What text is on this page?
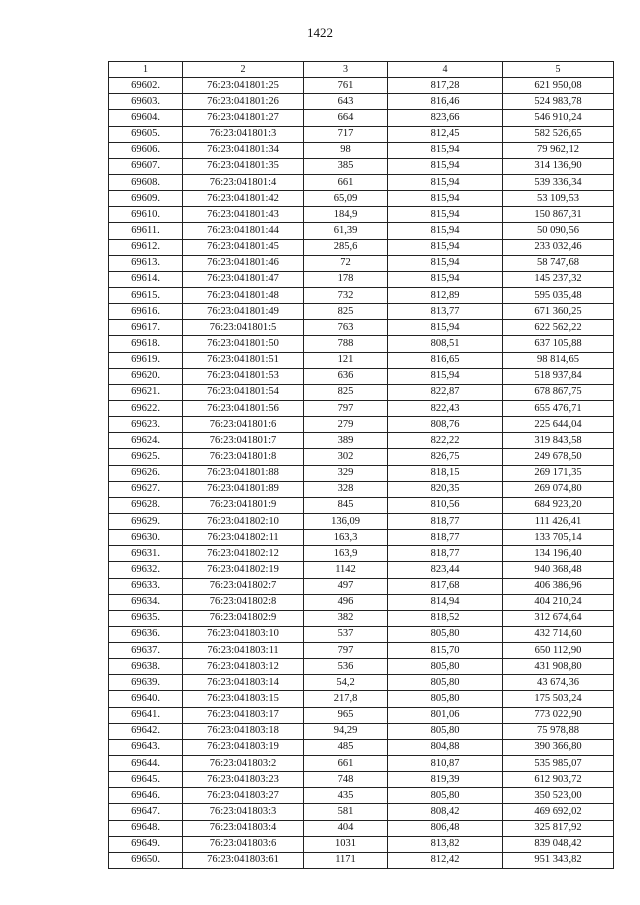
1422
1	2	3	4	5
69602.	76:23:041801:25	761	817,28	621 950,08
69603.	76:23:041801:26	643	816,46	524 983,78
69604.	76:23:041801:27	664	823,66	546 910,24
69605.	76:23:041801:3	717	812,45	582 526,65
69606.	76:23:041801:34	98	815,94	79 962,12
69607.	76:23:041801:35	385	815,94	314 136,90
69608.	76:23:041801:4	661	815,94	539 336,34
69609.	76:23:041801:42	65,09	815,94	53 109,53
69610.	76:23:041801:43	184,9	815,94	150 867,31
69611.	76:23:041801:44	61,39	815,94	50 090,56
69612.	76:23:041801:45	285,6	815,94	233 032,46
69613.	76:23:041801:46	72	815,94	58 747,68
69614.	76:23:041801:47	178	815,94	145 237,32
69615.	76:23:041801:48	732	812,89	595 035,48
69616.	76:23:041801:49	825	813,77	671 360,25
69617.	76:23:041801:5	763	815,94	622 562,22
69618.	76:23:041801:50	788	808,51	637 105,88
69619.	76:23:041801:51	121	816,65	98 814,65
69620.	76:23:041801:53	636	815,94	518 937,84
69621.	76:23:041801:54	825	822,87	678 867,75
69622.	76:23:041801:56	797	822,43	655 476,71
69623.	76:23:041801:6	279	808,76	225 644,04
69624.	76:23:041801:7	389	822,22	319 843,58
69625.	76:23:041801:8	302	826,75	249 678,50
69626.	76:23:041801:88	329	818,15	269 171,35
69627.	76:23:041801:89	328	820,35	269 074,80
69628.	76:23:041801:9	845	810,56	684 923,20
69629.	76:23:041802:10	136,09	818,77	111 426,41
69630.	76:23:041802:11	163,3	818,77	133 705,14
69631.	76:23:041802:12	163,9	818,77	134 196,40
69632.	76:23:041802:19	1142	823,44	940 368,48
69633.	76:23:041802:7	497	817,68	406 386,96
69634.	76:23:041802:8	496	814,94	404 210,24
69635.	76:23:041802:9	382	818,52	312 674,64
69636.	76:23:041803:10	537	805,80	432 714,60
69637.	76:23:041803:11	797	815,70	650 112,90
69638.	76:23:041803:12	536	805,80	431 908,80
69639.	76:23:041803:14	54,2	805,80	43 674,36
69640.	76:23:041803:15	217,8	805,80	175 503,24
69641.	76:23:041803:17	965	801,06	773 022,90
69642.	76:23:041803:18	94,29	805,80	75 978,88
69643.	76:23:041803:19	485	804,88	390 366,80
69644.	76:23:041803:2	661	810,87	535 985,07
69645.	76:23:041803:23	748	819,39	612 903,72
69646.	76:23:041803:27	435	805,80	350 523,00
69647.	76:23:041803:3	581	808,42	469 692,02
69648.	76:23:041803:4	404	806,48	325 817,92
69649.	76:23:041803:6	1031	813,82	839 048,42
69650.	76:23:041803:61	1171	812,42	951 343,82
